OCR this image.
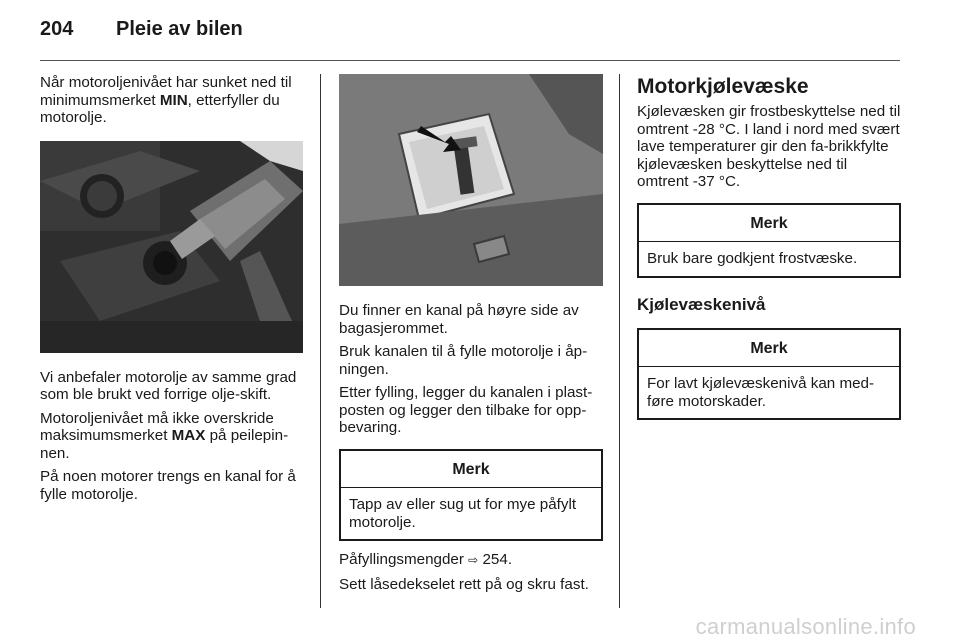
204	Pleie av bilen

Når motoroljenivået har sunket ned til minimumsmerket MIN, etterfyller du motorolje.

Vi anbefaler motorolje av samme grad som ble brukt ved forrige olje-skift.

Motoroljenivået må ikke overskride maksimumsmerket MAX på peilepin-nen.

På noen motorer trengs en kanal for å fylle motorolje.

Du finner en kanal på høyre side av bagasjerommet.

Bruk kanalen til å fylle motorolje i åp-ningen.

Etter fylling, legger du kanalen i plast-posten og legger den tilbake for opp-bevaring.

Merk
Tapp av eller sug ut for mye påfylt motorolje.

Påfyllingsmengder ⇨ 254.

Sett låsedekselet rett på og skru fast.

Motorkjølevæske

Kjølevæsken gir frostbeskyttelse ned til omtrent -28 °C. I land i nord med svært lave temperaturer gir den fa-brikkfylte kjølevæsken beskyttelse ned til omtrent -37 °C.

Merk
Bruk bare godkjent frostvæske.
Kjølevæskenivå
Merk
For lavt kjølevæskenivå kan med-føre motorskader.
carmanualsonline.info
